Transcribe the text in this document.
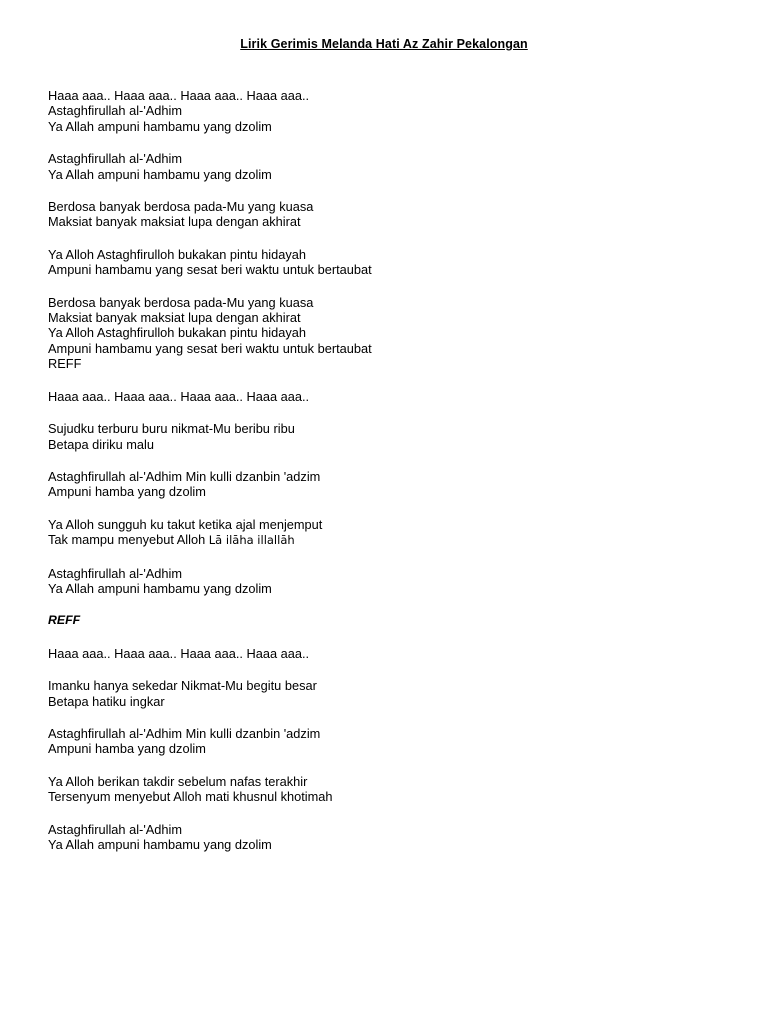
Lirik Gerimis Melanda Hati Az Zahir Pekalongan
Haaa aaa.. Haaa aaa.. Haaa aaa.. Haaa aaa..
Astaghfirullah al-'Adhim
Ya Allah ampuni hambamu yang dzolim
Astaghfirullah al-'Adhim
Ya Allah ampuni hambamu yang dzolim
Berdosa banyak berdosa pada-Mu yang kuasa
Maksiat banyak maksiat lupa dengan akhirat
Ya Alloh Astaghfirulloh bukakan pintu hidayah
Ampuni hambamu yang sesat beri waktu untuk bertaubat
Berdosa banyak berdosa pada-Mu yang kuasa
Maksiat banyak maksiat lupa dengan akhirat
Ya Alloh Astaghfirulloh bukakan pintu hidayah
Ampuni hambamu yang sesat beri waktu untuk bertaubat
REFF
Haaa aaa.. Haaa aaa.. Haaa aaa.. Haaa aaa..
Sujudku terburu buru nikmat-Mu beribu ribu
Betapa diriku malu
Astaghfirullah al-'Adhim Min kulli dzanbin 'adzim
Ampuni hamba yang dzolim
Ya Alloh sungguh ku takut ketika ajal menjemput
Tak mampu menyebut Alloh Lā ilāha illallāh
Astaghfirullah al-'Adhim
Ya Allah ampuni hambamu yang dzolim
REFF
Haaa aaa.. Haaa aaa.. Haaa aaa.. Haaa aaa..
Imanku hanya sekedar Nikmat-Mu begitu besar
Betapa hatiku ingkar
Astaghfirullah al-'Adhim Min kulli dzanbin 'adzim
Ampuni hamba yang dzolim
Ya Alloh berikan takdir sebelum nafas terakhir
Tersenyum menyebut Alloh mati khusnul khotimah
Astaghfirullah al-'Adhim
Ya Allah ampuni hambamu yang dzolim
